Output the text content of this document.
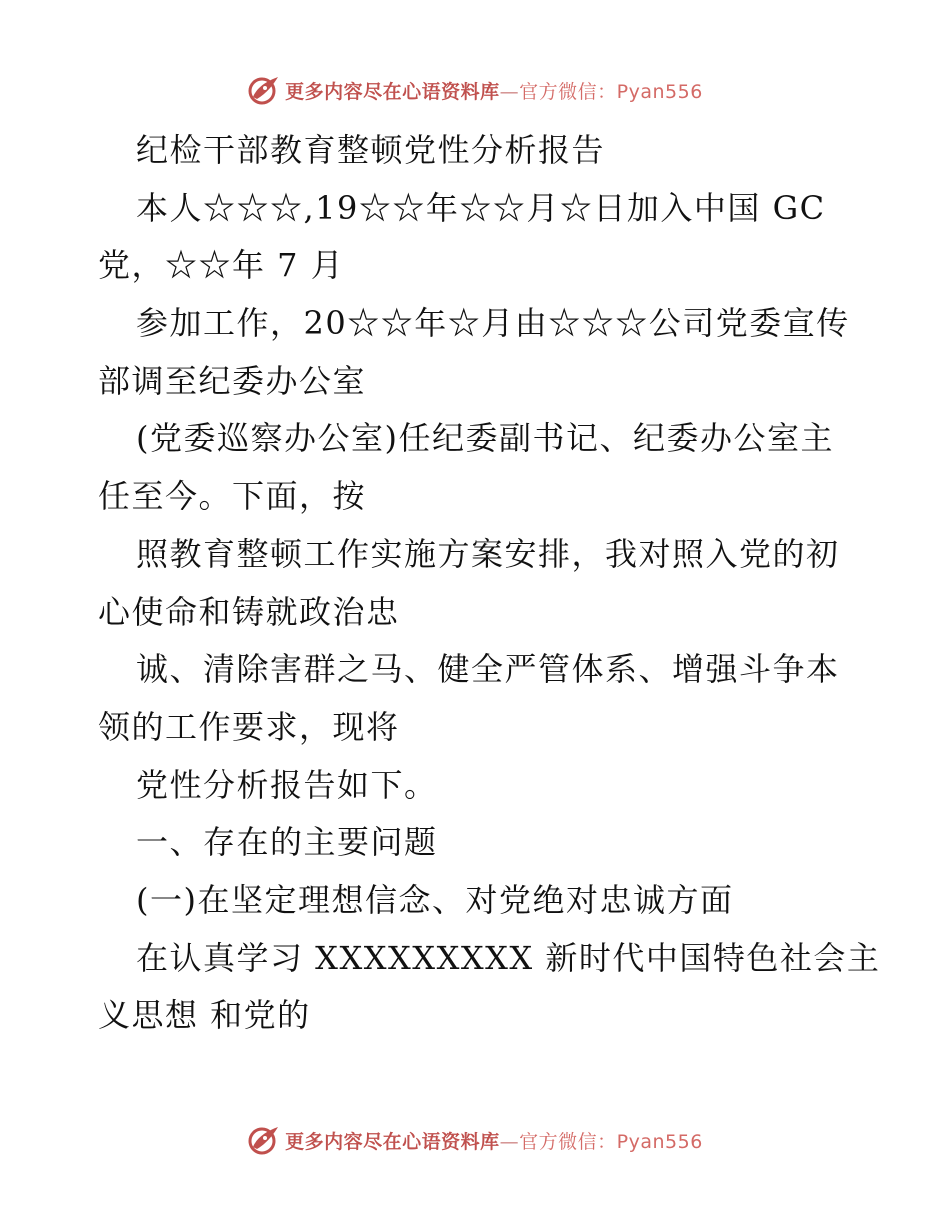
更多内容尽在心语资料库—官方微信：Pyan556
纪检干部教育整顿党性分析报告
本人☆☆☆,19☆☆年☆☆月☆日加入中国 GC
党，☆☆年 7 月
参加工作，20☆☆年☆月由☆☆☆公司党委宣传
部调至纪委办公室
(党委巡察办公室)任纪委副书记、纪委办公室主
任至今。下面，按
照教育整顿工作实施方案安排，我对照入党的初
心使命和铸就政治忠
诚、清除害群之马、健全严管体系、增强斗争本
领的工作要求，现将
党性分析报告如下。
一、存在的主要问题
(一)在坚定理想信念、对党绝对忠诚方面
在认真学习 XXXXXXXXX 新时代中国特色社会主
义思想 和党的
更多内容尽在心语资料库—官方微信：Pyan556
